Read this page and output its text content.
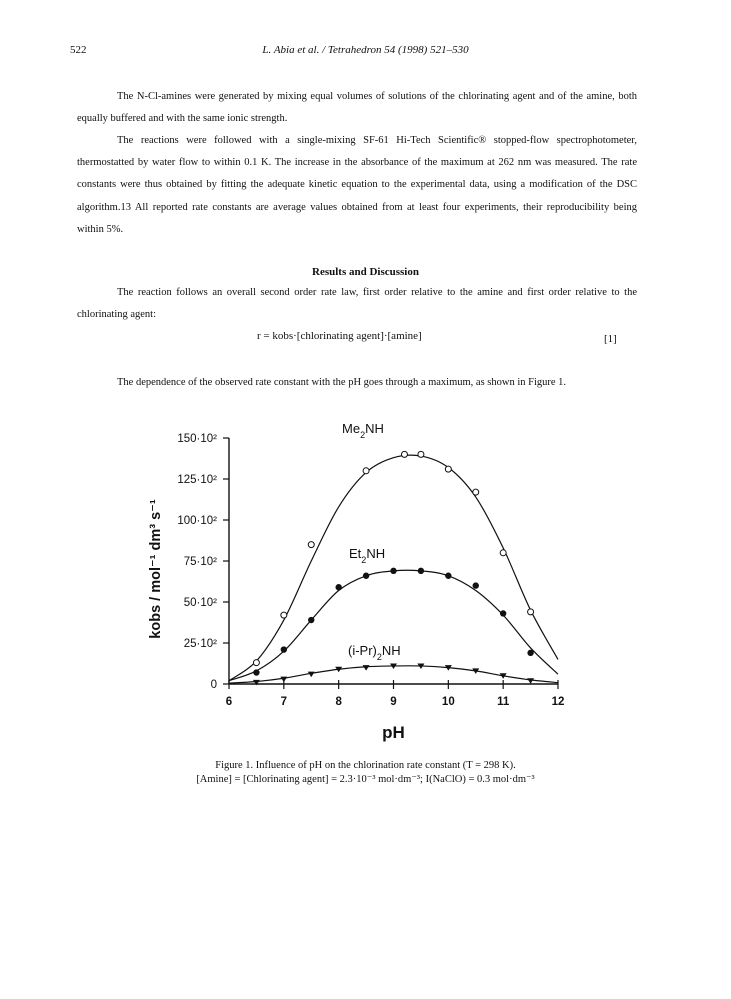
522	L. Abia et al. / Tetrahedron 54 (1998) 521–530

The N-Cl-amines were generated by mixing equal volumes of solutions of the chlorinating agent and of the amine, both equally buffered and with the same ionic strength.

The reactions were followed with a single-mixing SF-61 Hi-Tech Scientific® stopped-flow spectrophotometer, thermostatted by water flow to within 0.1 K. The increase in the absorbance of the maximum at 262 nm was measured. The rate constants were thus obtained by fitting the adequate kinetic equation to the experimental data, using a modification of the DSC algorithm.13 All reported rate constants are average values obtained from at least four experiments, their reproducibility being within 5%.

Results and Discussion

The reaction follows an overall second order rate law, first order relative to the amine and first order relative to the chlorinating agent:

r = kobs·[chlorinating agent]·[amine]	[1]
The dependence of the observed rate constant with the pH goes through a maximum, as shown in Figure 1.
0
25·10²
50·10²
75·10²
100·10²
125·10²
150·10²
6	7	8	9	10	11	12
pH
kobs / mol⁻¹ dm³ s⁻¹
$Me_2NH$
$Et_2NH$
$(i-Pr)_2NH$
Figure 1. Influence of pH on the chlorination rate constant (T = 298 K).
[Amine] = [Chlorinating agent] = 2.3·10⁻³ mol·dm⁻³; I(NaClO) = 0.3 mol·dm⁻³
